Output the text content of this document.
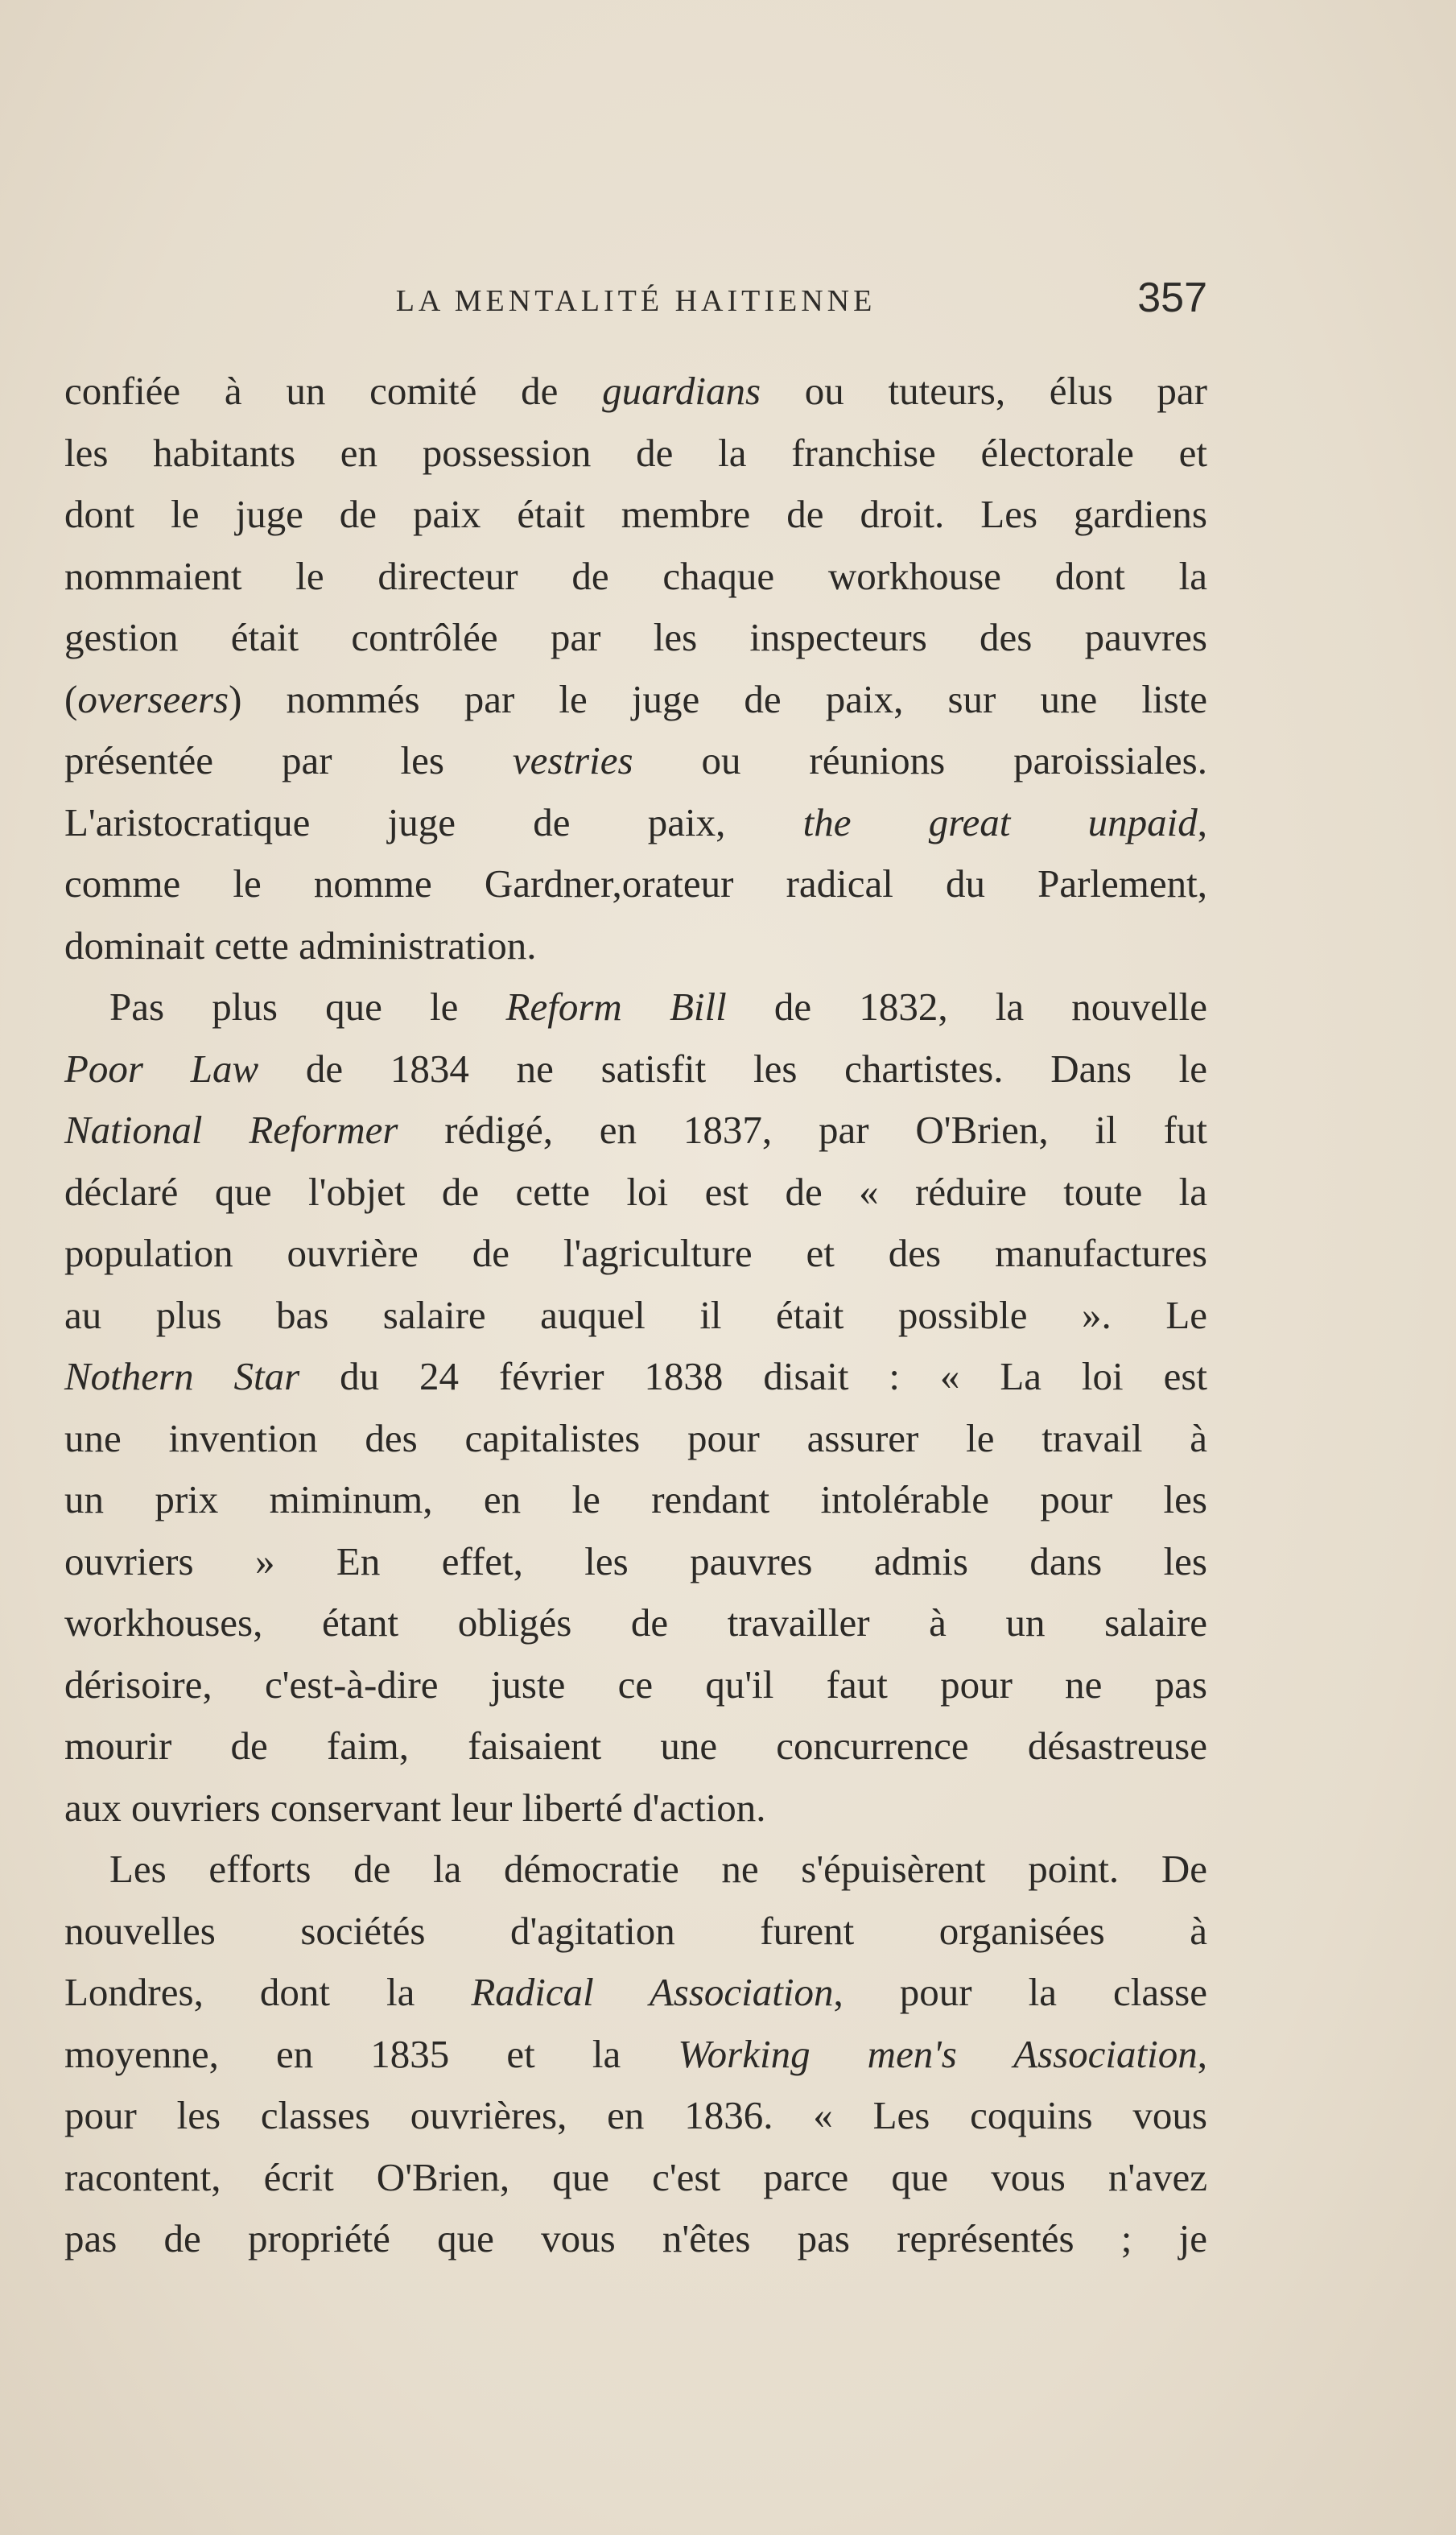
LA MENTALITÉ HAITIENNE	357
confiée à un comité de guardians ou tuteurs, élus par
les habitants en possession de la franchise électorale et
dont le juge de paix était membre de droit. Les gardiens
nommaient le directeur de chaque workhouse dont la
gestion était contrôlée par les inspecteurs des pauvres
(overseers) nommés par le juge de paix, sur une liste
présentée par les vestries ou réunions paroissiales.
L'aristocratique juge de paix, the great unpaid,
comme le nomme Gardner,orateur radical du Parlement,
dominait cette administration.
Pas plus que le Reform Bill de 1832, la nouvelle
Poor Law de 1834 ne satisfit les chartistes. Dans le
National Reformer rédigé, en 1837, par O'Brien, il fut
déclaré que l'objet de cette loi est de « réduire toute la
population ouvrière de l'agriculture et des manufactures
au plus bas salaire auquel il était possible ». Le
Nothern Star du 24 février 1838 disait : « La loi est
une invention des capitalistes pour assurer le travail à
un prix miminum, en le rendant intolérable pour les
ouvriers » En effet, les pauvres admis dans les
workhouses, étant obligés de travailler à un salaire
dérisoire, c'est-à-dire juste ce qu'il faut pour ne pas
mourir de faim, faisaient une concurrence désastreuse
aux ouvriers conservant leur liberté d'action.
Les efforts de la démocratie ne s'épuisèrent point. De
nouvelles sociétés d'agitation furent organisées à
Londres, dont la Radical Association, pour la classe
moyenne, en 1835 et la Working men's Association,
pour les classes ouvrières, en 1836. « Les coquins vous
racontent, écrit O'Brien, que c'est parce que vous n'avez
pas de propriété que vous n'êtes pas représentés ; je
